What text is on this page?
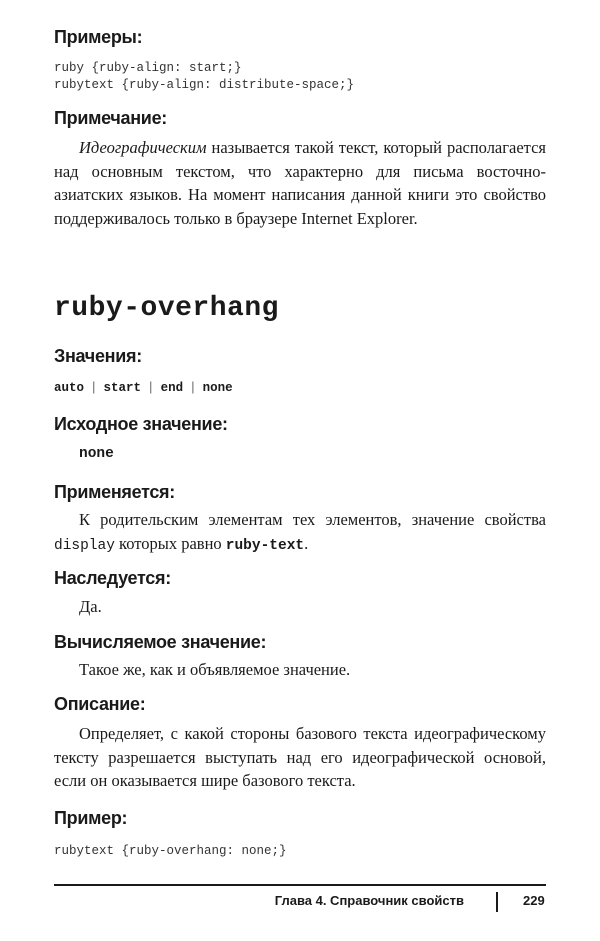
Примеры:
ruby {ruby-align: start;}
rubytext {ruby-align: distribute-space;}
Примечание:
Идеографическим называется такой текст, который располагается над основным текстом, что характерно для письма восточно-азиатских языков. На момент написания данной книги это свойство поддерживалось только в браузере Internet Explorer.
ruby-overhang
Значения:
auto | start | end | none
Исходное значение:
none
Применяется:
К родительским элементам тех элементов, значение свойства display которых равно ruby-text.
Наследуется:
Да.
Вычисляемое значение:
Такое же, как и объявляемое значение.
Описание:
Определяет, с какой стороны базового текста идеографическому тексту разрешается выступать над его идеографической основой, если он оказывается шире базового текста.
Пример:
rubytext {ruby-overhang: none;}
Глава 4. Справочник свойств	229
